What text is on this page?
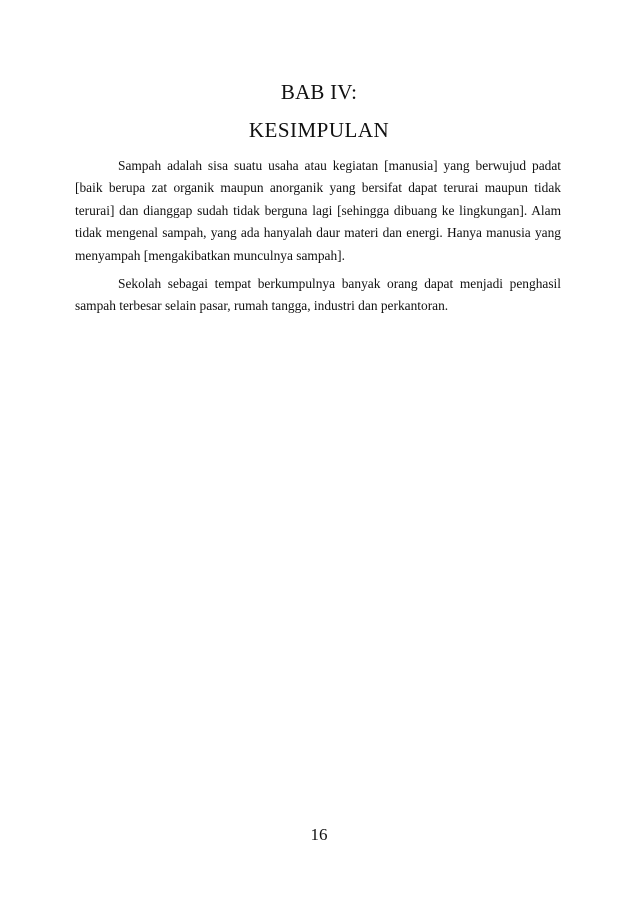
BAB IV:
KESIMPULAN

Sampah adalah sisa suatu usaha atau kegiatan [manusia] yang berwujud padat [baik berupa zat organik maupun anorganik yang bersifat dapat terurai maupun tidak terurai] dan dianggap sudah tidak berguna lagi [sehingga dibuang ke lingkungan]. Alam tidak mengenal sampah, yang ada hanyalah daur materi dan energi. Hanya manusia yang menyampah [mengakibatkan munculnya sampah].

Sekolah sebagai tempat berkumpulnya banyak orang dapat menjadi penghasil sampah terbesar selain pasar, rumah tangga, industri dan perkantoran.

16
